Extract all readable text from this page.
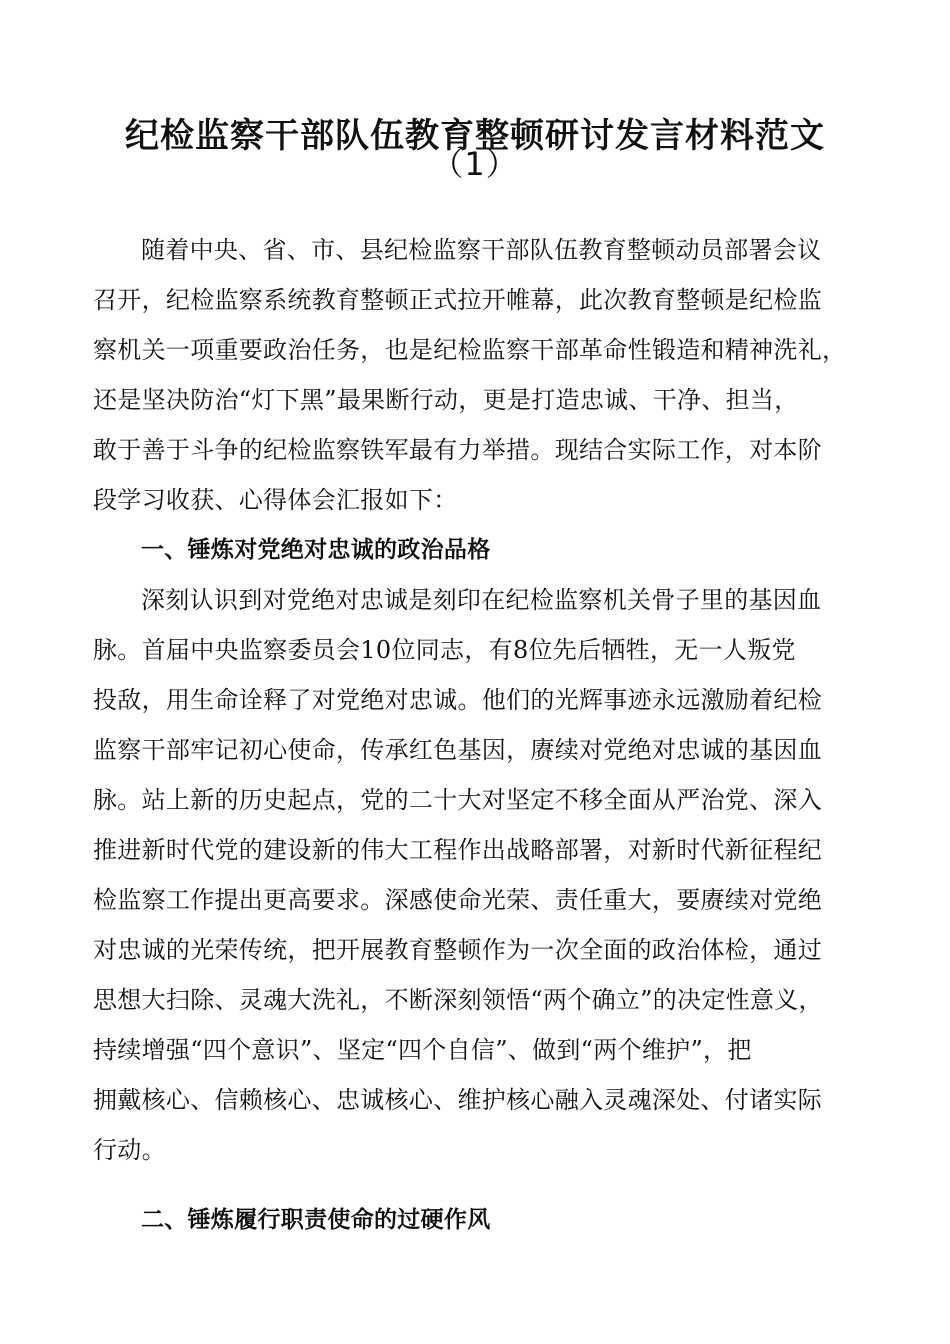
纪检监察干部队伍教育整顿研讨发言材料范文
（1）
随着中央、省、市、县纪检监察干部队伍教育整顿动员部署会议
召开，纪检监察系统教育整顿正式拉开帷幕，此次教育整顿是纪检监
察机关一项重要政治任务，也是纪检监察干部革命性锻造和精神洗礼，
还是坚决防治“灯下黑”最果断行动，更是打造忠诚、干净、担当，
敢于善于斗争的纪检监察铁军最有力举措。现结合实际工作，对本阶
段学习收获、心得体会汇报如下：
一、锤炼对党绝对忠诚的政治品格
深刻认识到对党绝对忠诚是刻印在纪检监察机关骨子里的基因血
脉。首届中央监察委员会10位同志，有8位先后牺牲，无一人叛党
投敌，用生命诠释了对党绝对忠诚。他们的光辉事迹永远激励着纪检
监察干部牢记初心使命，传承红色基因，赓续对党绝对忠诚的基因血
脉。站上新的历史起点，党的二十大对坚定不移全面从严治党、深入
推进新时代党的建设新的伟大工程作出战略部署，对新时代新征程纪
检监察工作提出更高要求。深感使命光荣、责任重大，要赓续对党绝
对忠诚的光荣传统，把开展教育整顿作为一次全面的政治体检，通过
思想大扫除、灵魂大洗礼，不断深刻领悟“两个确立”的决定性意义，
持续增强“四个意识”、坚定“四个自信”、做到“两个维护”，把
拥戴核心、信赖核心、忠诚核心、维护核心融入灵魂深处、付诸实际
行动。
二、锤炼履行职责使命的过硬作风
